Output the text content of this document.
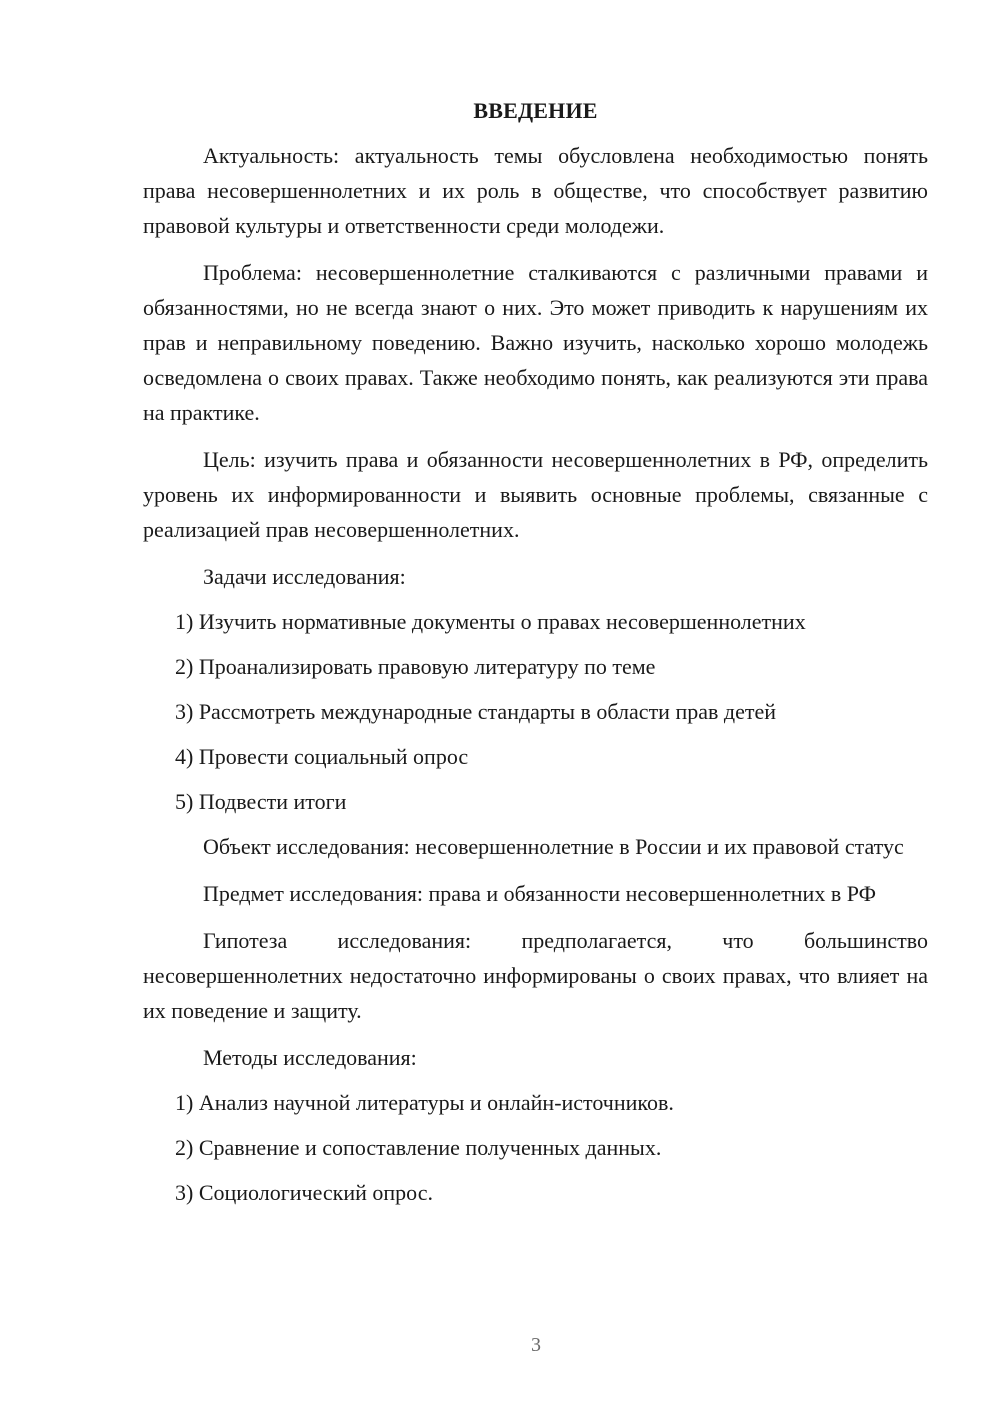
ВВЕДЕНИЕ

Актуальность: актуальность темы обусловлена необходимостью понять права несовершеннолетних и их роль в обществе, что способствует развитию правовой культуры и ответственности среди молодежи.

Проблема: несовершеннолетние сталкиваются с различными правами и обязанностями, но не всегда знают о них. Это может приводить к нарушениям их прав и неправильному поведению. Важно изучить, насколько хорошо молодежь осведомлена о своих правах. Также необходимо понять, как реализуются эти права на практике.

Цель: изучить права и обязанности несовершеннолетних в РФ, определить уровень их информированности и выявить основные проблемы, связанные с реализацией прав несовершеннолетних.

Задачи исследования:
1) Изучить нормативные документы о правах несовершеннолетних
2) Проанализировать правовую литературу по теме
3) Рассмотреть международные стандарты в области прав детей
4) Провести социальный опрос
5) Подвести итоги

Объект исследования: несовершеннолетние в России и их правовой статус

Предмет исследования: права и обязанности несовершеннолетних в РФ

Гипотеза исследования: предполагается, что большинство несовершеннолетних недостаточно информированы о своих правах, что влияет на их поведение и защиту.

Методы исследования:
1) Анализ научной литературы и онлайн-источников.
2) Сравнение и сопоставление полученных данных.
3) Социологический опрос.
3
